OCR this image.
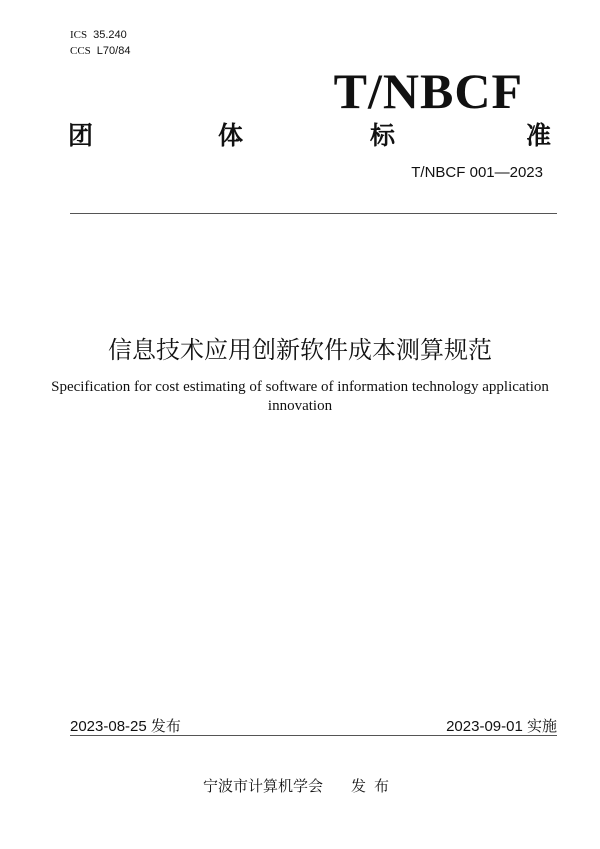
ICS 35.240
CCS L70/84
T/NBCF
团	体	标	准
T/NBCF 001—2023
信息技术应用创新软件成本测算规范
Specification for cost estimating of software of information technology application innovation
2023-08-25 发布	2023-09-01 实施
宁波市计算机学会 发布
